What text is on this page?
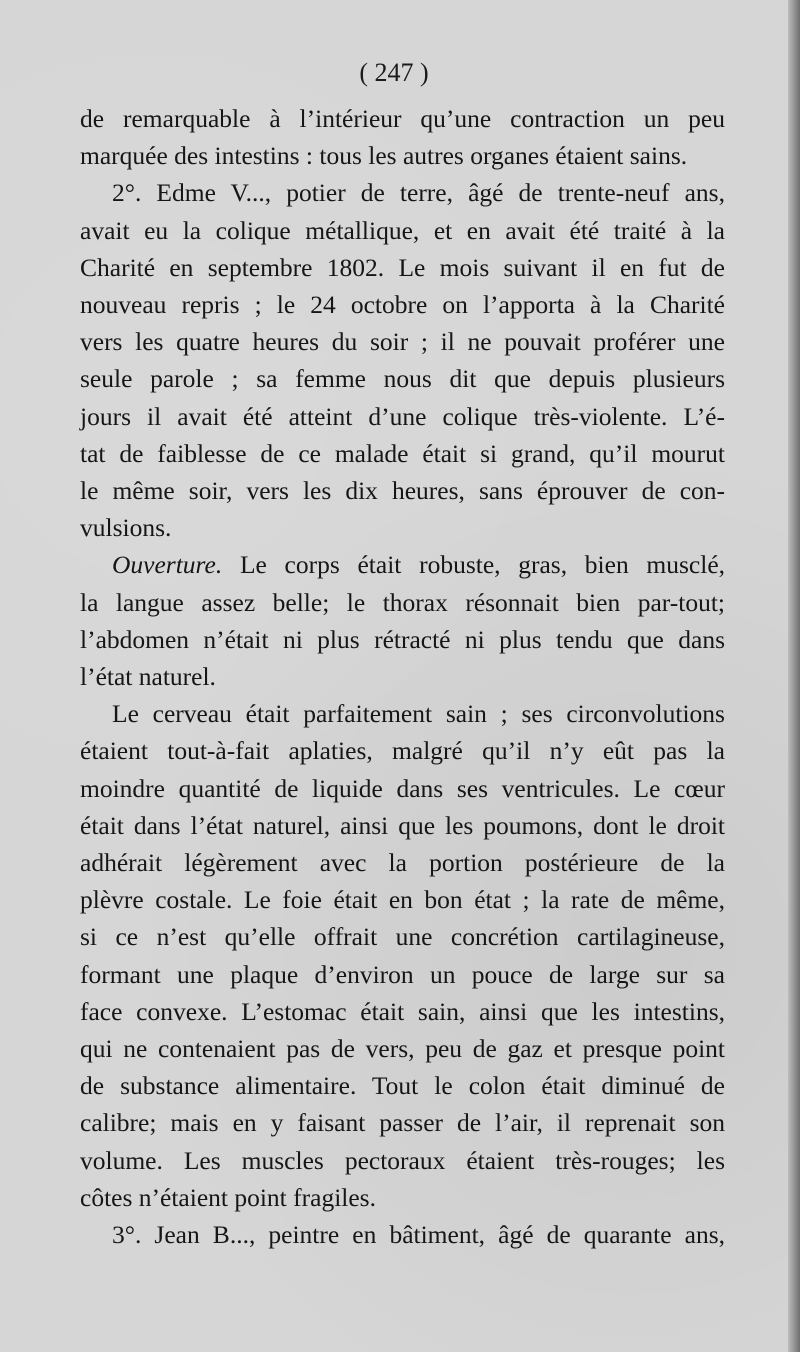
( 247 )
de remarquable à l’intérieur qu’une contraction un peu
marquée des intestins : tous les autres organes étaient sains.
2°. Edme V..., potier de terre, âgé de trente-neuf ans,
avait eu la colique métallique, et en avait été traité à la
Charité en septembre 1802. Le mois suivant il en fut de
nouveau repris ; le 24 octobre on l’apporta à la Charité
vers les quatre heures du soir ; il ne pouvait proférer une
seule parole ; sa femme nous dit que depuis plusieurs
jours il avait été atteint d’une colique très-violente. L’é-
tat de faiblesse de ce malade était si grand, qu’il mourut
le même soir, vers les dix heures, sans éprouver de con-
vulsions.
Ouverture. Le corps était robuste, gras, bien musclé,
la langue assez belle; le thorax résonnait bien par-tout;
l’abdomen n’était ni plus rétracté ni plus tendu que dans
l’état naturel.
Le cerveau était parfaitement sain ; ses circonvolutions
étaient tout-à-fait aplaties, malgré qu’il n’y eût pas la
moindre quantité de liquide dans ses ventricules. Le cœur
était dans l’état naturel, ainsi que les poumons, dont le droit
adhérait légèrement avec la portion postérieure de la
plèvre costale. Le foie était en bon état ; la rate de même,
si ce n’est qu’elle offrait une concrétion cartilagineuse,
formant une plaque d’environ un pouce de large sur sa
face convexe. L’estomac était sain, ainsi que les intestins,
qui ne contenaient pas de vers, peu de gaz et presque point
de substance alimentaire. Tout le colon était diminué de
calibre; mais en y faisant passer de l’air, il reprenait son
volume. Les muscles pectoraux étaient très-rouges; les
côtes n’étaient point fragiles.
3°. Jean B..., peintre en bâtiment, âgé de quarante ans,
